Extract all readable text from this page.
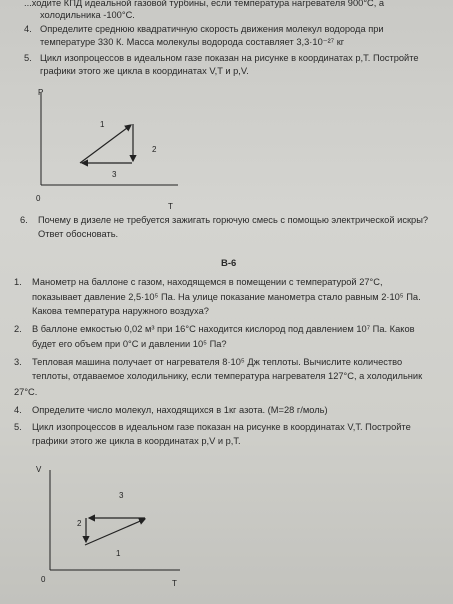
...ходите КПД идеальной газовой турбины, если температура нагревателя 900°С, а
холодильника -100°С.
4. Определите среднюю квадратичную скорость движения молекул водорода при
температуре 330 К. Масса молекулы водорода составляет 3,3·10⁻²⁷ кг
5. Цикл изопроцессов в идеальном газе показан на рисунке в координатах p,T. Постройте
графики этого же цикла в координатах V,T и p,V.
P
T
0
1
2
3
6. Почему в дизеле не требуется зажигать горючую смесь с помощью электрической искры?
Ответ обосновать.
В-6
1. Манометр на баллоне с газом, находящемся в помещении с температурой 27°С,
показывает давление 2,5·10⁵ Па. На улице показание манометра стало равным 2·10⁵ Па.
Какова температура наружного воздуха?
2. В баллоне емкостью 0,02 м³ при 16°С находится кислород под давлением 10⁷ Па. Каков
будет его объем при 0°С и давлении 10⁵ Па?
3. Тепловая машина получает от нагревателя 8·10⁵ Дж теплоты. Вычислите количество
теплоты, отдаваемое холодильнику, если температура нагревателя 127°С, а холодильник
27°С.
4. Определите число молекул, находящихся в 1кг азота. (М=28 г/моль)
5. Цикл изопроцессов в идеальном газе показан на рисунке в координатах V,T. Постройте
графики этого же цикла в координатах p,V и p,T.
V
T
0
1
2
3
